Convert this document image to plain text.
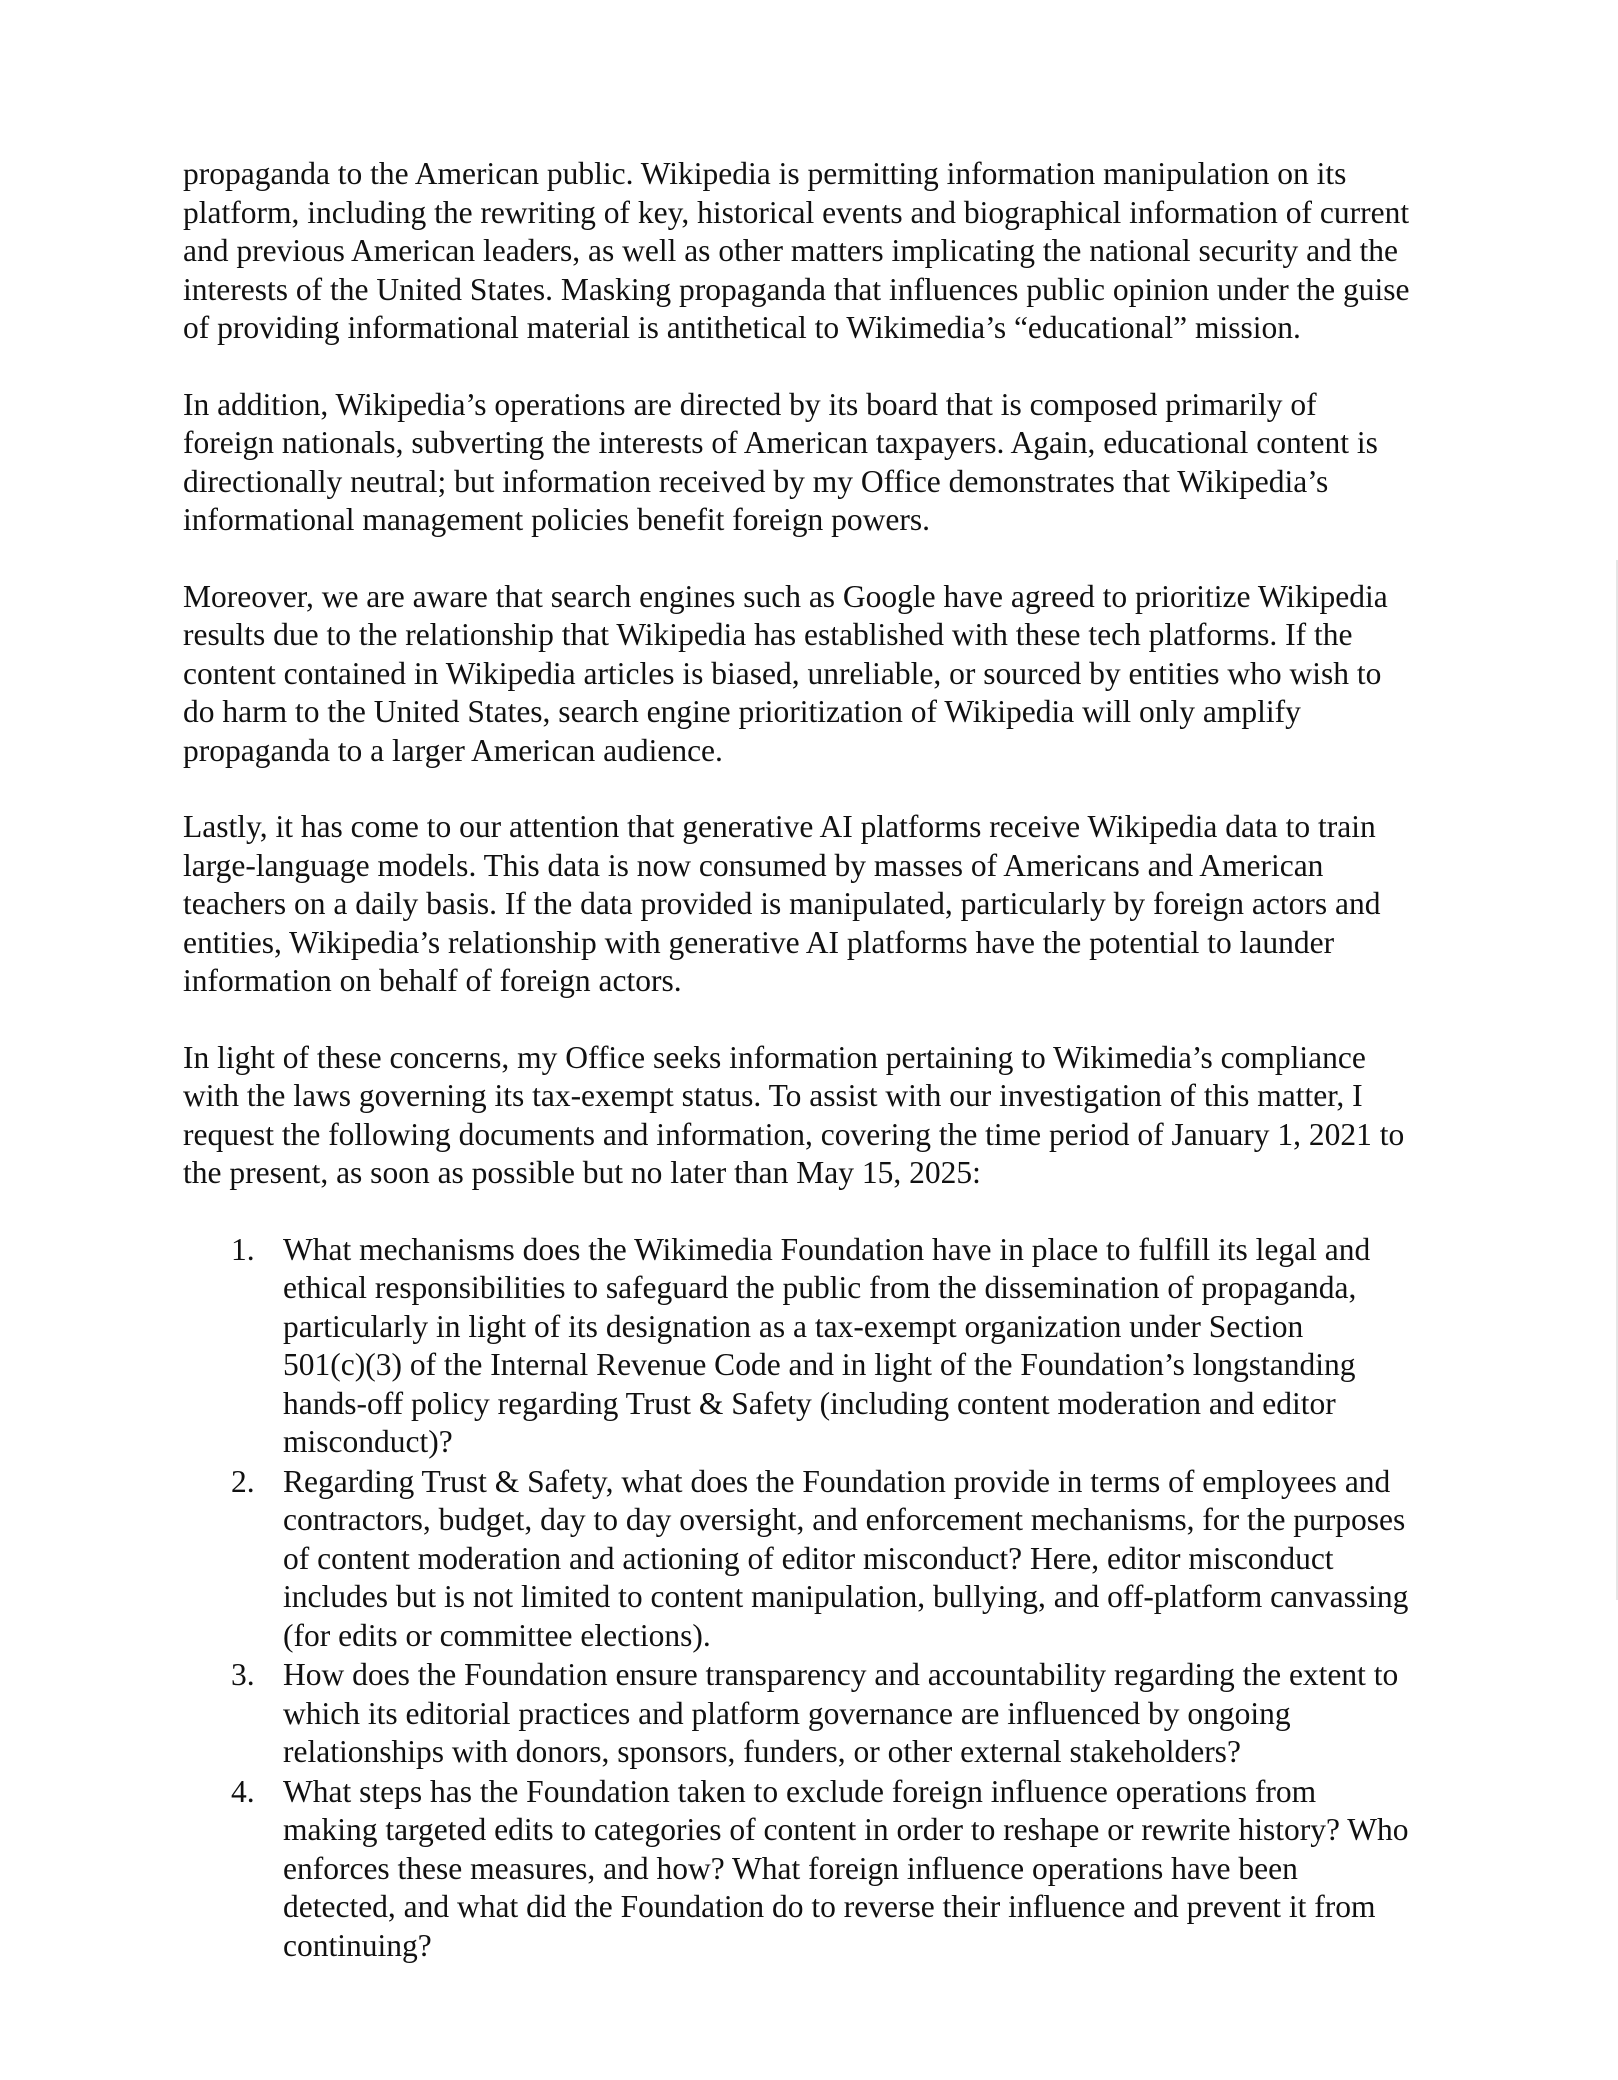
propaganda to the American public. Wikipedia is permitting information manipulation on its
platform, including the rewriting of key, historical events and biographical information of current
and previous American leaders, as well as other matters implicating the national security and the
interests of the United States. Masking propaganda that influences public opinion under the guise
of providing informational material is antithetical to Wikimedia’s “educational” mission.

In addition, Wikipedia’s operations are directed by its board that is composed primarily of
foreign nationals, subverting the interests of American taxpayers. Again, educational content is
directionally neutral; but information received by my Office demonstrates that Wikipedia’s
informational management policies benefit foreign powers.

Moreover, we are aware that search engines such as Google have agreed to prioritize Wikipedia
results due to the relationship that Wikipedia has established with these tech platforms. If the
content contained in Wikipedia articles is biased, unreliable, or sourced by entities who wish to
do harm to the United States, search engine prioritization of Wikipedia will only amplify
propaganda to a larger American audience.

Lastly, it has come to our attention that generative AI platforms receive Wikipedia data to train
large-language models. This data is now consumed by masses of Americans and American
teachers on a daily basis. If the data provided is manipulated, particularly by foreign actors and
entities, Wikipedia’s relationship with generative AI platforms have the potential to launder
information on behalf of foreign actors.

In light of these concerns, my Office seeks information pertaining to Wikimedia’s compliance
with the laws governing its tax-exempt status. To assist with our investigation of this matter, I
request the following documents and information, covering the time period of January 1, 2021 to
the present, as soon as possible but no later than May 15, 2025:

1. What mechanisms does the Wikimedia Foundation have in place to fulfill its legal and
ethical responsibilities to safeguard the public from the dissemination of propaganda,
particularly in light of its designation as a tax-exempt organization under Section
501(c)(3) of the Internal Revenue Code and in light of the Foundation’s longstanding
hands-off policy regarding Trust & Safety (including content moderation and editor
misconduct)?
2. Regarding Trust & Safety, what does the Foundation provide in terms of employees and
contractors, budget, day to day oversight, and enforcement mechanisms, for the purposes
of content moderation and actioning of editor misconduct? Here, editor misconduct
includes but is not limited to content manipulation, bullying, and off-platform canvassing
(for edits or committee elections).
3. How does the Foundation ensure transparency and accountability regarding the extent to
which its editorial practices and platform governance are influenced by ongoing
relationships with donors, sponsors, funders, or other external stakeholders?
4. What steps has the Foundation taken to exclude foreign influence operations from
making targeted edits to categories of content in order to reshape or rewrite history? Who
enforces these measures, and how? What foreign influence operations have been
detected, and what did the Foundation do to reverse their influence and prevent it from
continuing?
